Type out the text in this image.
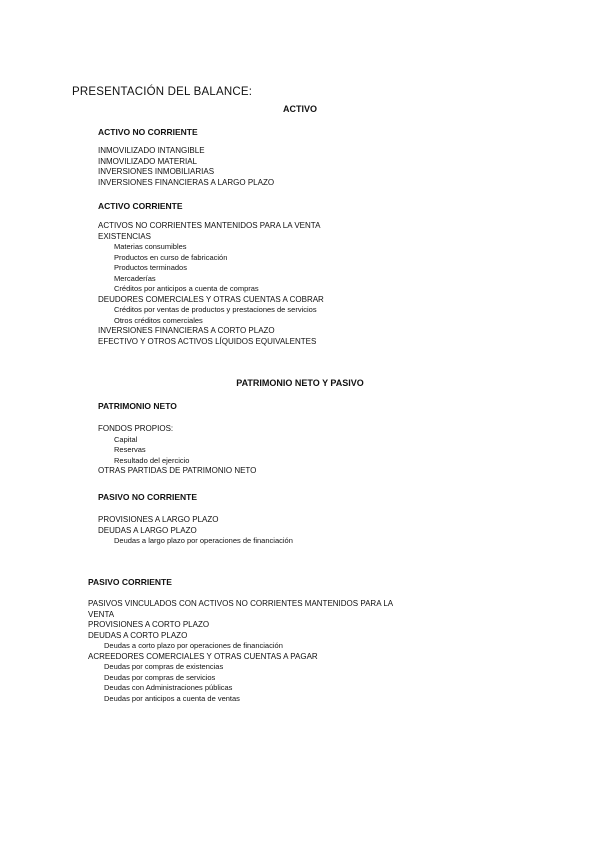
PRESENTACIÓN DEL BALANCE:
ACTIVO
ACTIVO NO CORRIENTE
INMOVILIZADO INTANGIBLE
INMOVILIZADO MATERIAL
INVERSIONES INMOBILIARIAS
INVERSIONES FINANCIERAS A LARGO PLAZO
ACTIVO CORRIENTE
ACTIVOS NO CORRIENTES MANTENIDOS PARA LA VENTA
EXISTENCIAS
Materias consumibles
Productos en curso de fabricación
Productos terminados
Mercaderías
Créditos por anticipos a cuenta de compras
DEUDORES COMERCIALES Y OTRAS CUENTAS A COBRAR
Créditos por ventas de productos y prestaciones de servicios
Otros créditos comerciales
INVERSIONES FINANCIERAS A CORTO PLAZO
EFECTIVO Y OTROS ACTIVOS LÍQUIDOS EQUIVALENTES
PATRIMONIO NETO Y PASIVO
PATRIMONIO NETO
FONDOS PROPIOS:
Capital
Reservas
Resultado del ejercicio
OTRAS PARTIDAS DE PATRIMONIO NETO
PASIVO NO CORRIENTE
PROVISIONES A LARGO PLAZO
DEUDAS A LARGO PLAZO
Deudas a largo plazo por operaciones de financiación
PASIVO CORRIENTE
PASIVOS VINCULADOS CON ACTIVOS NO CORRIENTES MANTENIDOS PARA LA
VENTA
PROVISIONES A CORTO PLAZO
DEUDAS A CORTO PLAZO
Deudas a corto plazo por operaciones de financiación
ACREEDORES COMERCIALES Y OTRAS CUENTAS A PAGAR
Deudas por compras de existencias
Deudas por compras de servicios
Deudas con Administraciones públicas
Deudas por anticipos a cuenta de ventas
